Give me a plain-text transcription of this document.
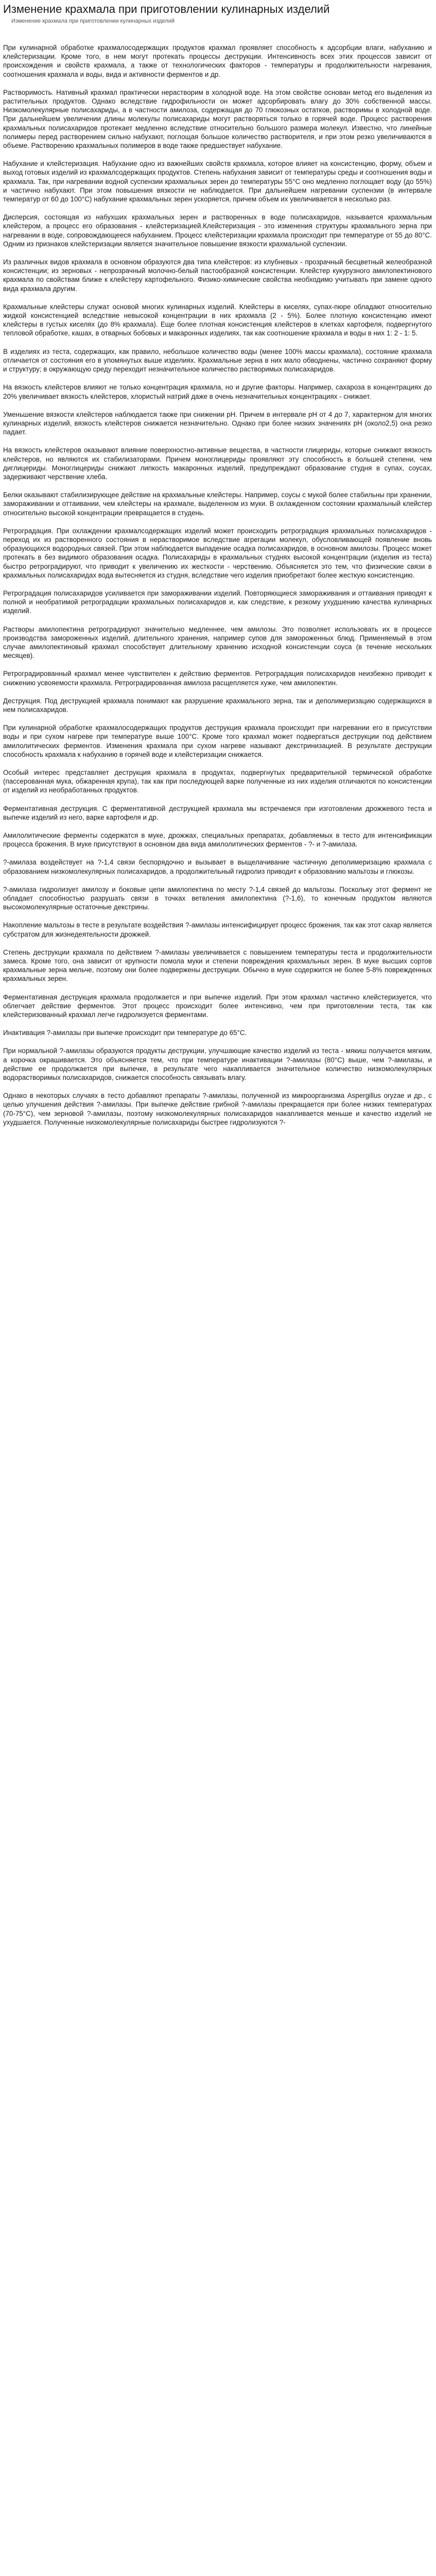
Изменение крахмала при приготовлении кулинарных изделий
Изменение крахмала при приготовлении кулинарных изделий

При кулинарной обработке крахмалосодержащих продуктов крахмал проявляет способность к адсорбции влаги, набуханию и клейстеризации. Кроме того, в нем могут протекать процессы деструкции. Интенсивность всех этих процессов зависит от происхождения и свойств крахмала, а также от технологических факторов - температуры и продолжительности нагревания, соотношения крахмала и воды, вида и активности ферментов и др.

Растворимость. Нативный крахмал практически нерастворим в холодной воде. На этом свойстве основан метод его выделения из растительных продуктов. Однако вследствие гидрофильности он может адсорбировать влагу до 30% собственной массы. Низкомолекулярные полисахариды, а в частности амилоза, содержащая до 70 глюкозных остатков, растворимы в холодной воде. При дальнейшем увеличении длины молекулы полисахариды могут растворяться только в горячей воде. Процесс растворения крахмальных полисахаридов протекает медленно вследствие относительно большого размера молекул. Известно, что линейные полимеры перед растворением сильно набухают, поглощая большое количество растворителя, и при этом резко увеличиваются в объеме. Растворению крахмальных полимеров в воде также предшествует набухание.

Набухание и клейстеризация. Набухание одно из важнейших свойств крахмала, которое влияет на консистенцию, форму, объем и выход готовых изделий из крахмалсодержащих продуктов. Степень набухания зависит от температуры среды и соотношения воды и крахмала. Так, при нагревании водной суспензии крахмальных зерен до температуры 55°С оно медленно поглощает воду (до 55%) и частично набухают. При этом повышения вязкости не наблюдается. При дальнейшем нагревании суспензии (в интервале температур от 60 до 100°С) набухание крахмальных зерен ускоряется, причем объем их увеличивается в несколько раз.

Дисперсия, состоящая из набухших крахмальных зерен и растворенных в воде полисахаридов, называется крахмальным клейстером, а процесс его образования - клейстеризацией.Клейстеризация - это изменения структуры крахмального зерна при нагревании в воде, сопровождающееся набуханием. Процесс клейстеризации крахмала происходит при температуре от 55 до 80°С. Одним из признаков клейстеризации является значительное повышение вязкости крахмальной суспензии.

Из различных видов крахмала в основном образуются два типа клейстеров: из клубневых - прозрачный бесцветный желеобразной консистенции; из зерновых - непрозрачный молочно-белый пастообразной консистенции. Клейстер кукурузного амилопектинового крахмала по свойствам ближе к клейстеру картофельного. Физико-химические свойства необходимо учитывать при замене одного вида крахмала другим.

Крахмальные клейстеры служат основой многих кулинарных изделий. Клейстеры в киселях, супах-пюре обладают относительно жидкой консистенцией вследствие невысокой концентрации в них крахмала (2 - 5%). Более плотную консистенцию имеют клейстеры в густых киселях (до 8% крахмала). Еще более плотная консистенция клейстеров в клетках картофеля, подвергнутого тепловой обработке, кашах, в отварных бобовых и макаронных изделиях, так как соотношение крахмала и воды в них 1: 2 - 1: 5.

В изделиях из теста, содержащих, как правило, небольшое количество воды (менее 100% массы крахмала), состояние крахмала отличается от состояния его в упомянутых выше изделиях. Крахмальные зерна в них мало обводнены, частично сохраняют форму и структуру; в окружающую среду переходит незначительное количество растворимых полисахаридов.

На вязкость клейстеров влияют не только концентрация крахмала, но и другие факторы. Например, сахароза в концентрациях до 20% увеличивает вязкость клейстеров, хлористый натрий даже в очень незначительных концентрациях - снижает.

Уменьшение вязкости клейстеров наблюдается также при снижении рН. Причем в интервале рН от 4 до 7, характерном для многих кулинарных изделий, вязкость клейстеров снижается незначительно. Однако при более низких значениях рН (около2,5) она резко падает.

На вязкость клейстеров оказывают влияние поверхностно-активные вещества, в частности глицериды, которые снижают вязкость клейстеров, но являются их стабилизаторами. Причем моноглицериды проявляют эту способность в большей степени, чем диглицериды. Моноглицериды снижают липкость макаронных изделий, предупреждают образование студня в супах, соусах, задерживают черствение хлеба.

Белки оказывают стабилизирующее действие на крахмальные клейстеры. Например, соусы с мукой более стабильны при хранении, замораживании и оттаивании, чем клейстеры на крахмале, выделенном из муки. В охлажденном состоянии крахмальный клейстер относительно высокой концентрации превращается в студень.

Ретроградация. При охлаждении крахмалсодержащих изделий может происходить ретроградация крахмальных полисахаридов - переход их из растворенного состояния в нерастворимое вследствие агрегации молекул, обусловливающей появление вновь образующихся водородных связей. При этом наблюдается выпадение осадка полисахаридов, в основном амилозы. Процесс может протекать в без видимого образования осадка. Полисахариды в крахмальных студнях высокой концентрации (изделия из теста) быстро ретроградируют, что приводит к увеличению их жесткости - черствению. Объясняется это тем, что физические связи в крахмальных полисахаридах вода вытесняется из студня, вследствие чего изделия приобретают более жесткую консистенцию.

Ретроградация полисахаридов усиливается при замораживании изделий. Повторяющиеся замораживания и оттаивания приводят к полной и необратимой ретроградации крахмальных полисахаридов и, как следствие, к резкому ухудшению качества кулинарных изделий.

Растворы амилопектина ретроградируют значительно медленнее, чем амилозы. Это позволяет использовать их в процессе производства замороженных изделий, длительного хранения, например супов для замороженных блюд. Применяемый в этом случае амилопектиновый крахмал способствует длительному хранению исходной консистенции соуса (в течение нескольких месяцев).

Ретроградированный крахмал менее чувствителен к действию ферментов. Ретроградация полисахаридов неизбежно приводит к снижению усвояемости крахмала. Ретроградированная амилоза расщепляется хуже, чем амилопектин.

Деструкция. Под деструкцией крахмала понимают как разрушение крахмального зерна, так и деполимеризацию содержащихся в нем полисахаридов.

При кулинарной обработке крахмалосодержащих продуктов деструкция крахмала происходит при нагревании его в присутствии воды и при сухом нагреве при температуре выше 100°С. Кроме того крахмал может подвергаться деструкции под действием амилолитических ферментов. Изменения крахмала при сухом нагреве называют декстринизацией. В результате деструкции способность крахмала к набуханию в горячей воде и клейстеризации снижается.

Особый интерес представляет деструкция крахмала в продуктах, подвергнутых предварительной термической обработке (пассерованная мука, обжаренная крупа), так как при последующей варке полученные из них изделия отличаются по консистенции от изделий из необработанных продуктов.

Ферментативная деструкция. С ферментативной деструкцией крахмала мы встречаемся при изготовлении дрожжевого теста и выпечке изделий из него, варке картофеля и др.

Амилолитические ферменты содержатся в муке, дрожжах, специальных препаратах, добавляемых в тесто для интенсификации процесса брожения. В муке присутствуют в основном два вида амилолитических ферментов - ?- и ?-амилаза.

?-амилаза воздействует на ?-1,4 связи беспорядочно и вызывает в выщелачивание частичную деполимеризацию крахмала с образованием низкомолекулярных полисахаридов, а продолжительный гидролиз приводит к образованию мальтозы и глюкозы.

?-амилаза гидролизует амилозу и боковые цепи амилопектина по месту ?-1,4 связей до мальтозы. Поскольку этот фермент не обладает способностью разрушать связи в точках ветвления амилопектина (?-1,6), то конечным продуктом являются высокомолекулярные остаточные декстрины.

Накопление мальтозы в тесте в результате воздействия ?-амилазы интенсифицирует процесс брожения, так как этот сахар является субстратом для жизнедеятельности дрожжей.

Степень деструкции крахмала по действием ?-амилазы увеличивается с повышением температуры теста и продолжительности замеса. Кроме того, она зависит от крупности помола муки и степени повреждения крахмальных зерен. В муке высших сортов крахмальные зерна мельче, поэтому они более подвержены деструкции. Обычно в муке содержится не более 5-8% поврежденных крахмальных зерен.

Ферментативная деструкция крахмала продолжается и при выпечке изделий. При этом крахмал частично клейстеризуется, что облегчает действие ферментов. Этот процесс происходит более интенсивно, чем при приготовлении теста, так как клейстеризованный крахмал легче гидролизуется ферментами.

Инактивация ?-амилазы при выпечке происходит при температуре до 65°С.

При нормальной ?-амилазы образуются продукты деструкции, улучшающие качество изделий из теста - мякиш получается мягким, а корочка окрашивается. Это объясняется тем, что при температуре инактивации ?-амилазы (80°С) выше, чем ?-амилазы, и действие ее продолжается при выпечке, в результате чего накапливается значительное количество низкомолекулярных водорастворимых полисахаридов, снижается способность связывать влагу.

Однако в некоторых случаях в тесто добавляют препараты ?-амилазы, полученной из микроорганизма Aspergillus oryzae и др., с целью улучшения действия ?-амилазы. При выпечке действие грибной ?-амилазы прекращается при более низких температурах (70-75°С), чем зерновой ?-амилазы, поэтому низкомолекулярных полисахаридов накапливается меньше и качество изделий не ухудшается. Полученные низкомолекулярные полисахариды быстрее гидролизуются ?-
